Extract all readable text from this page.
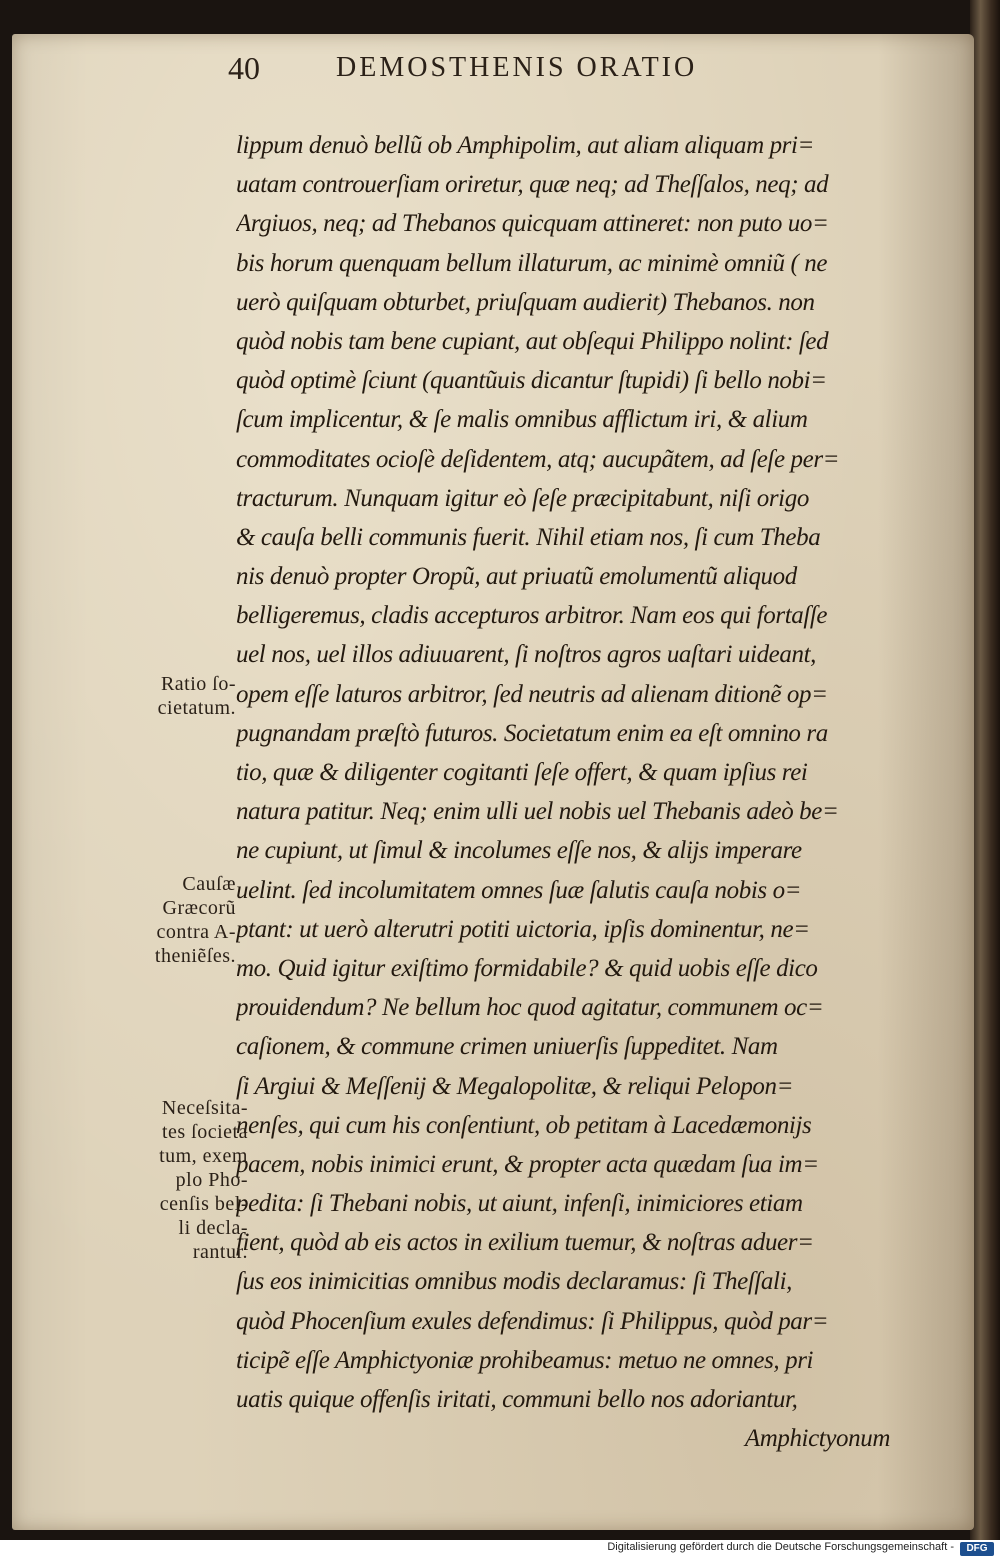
40	DEMOSTHENIS ORATIO
lippum denuò bellũ ob Amphipolim, aut aliam aliquam pri=
uatam controuerſiam oriretur, quæ neq; ad Theſſalos, neq; ad
Argiuos, neq; ad Thebanos quicquam attineret: non puto uo=
bis horum quenquam bellum illaturum, ac minimè omniũ ( ne
uerò quiſquam obturbet, priuſquam audierit) Thebanos. non
quòd nobis tam bene cupiant, aut obſequi Philippo nolint: ſed
quòd optimè ſciunt (quantũuis dicantur ſtupidi) ſi bello nobi=
ſcum implicentur, & ſe malis omnibus afflictum iri, & alium
commoditates ocioſè deſidentem, atq; aucupãtem, ad ſeſe per=
tracturum. Nunquam igitur eò ſeſe præcipitabunt, niſi origo
& cauſa belli communis fuerit. Nihil etiam nos, ſi cum Theba
nis denuò propter Oropũ, aut priuatũ emolumentũ aliquod
belligeremus, cladis accepturos arbitror. Nam eos qui fortaſſe
uel nos, uel illos adiuuarent, ſi noſtros agros uaſtari uideant,
opem eſſe laturos arbitror, ſed neutris ad alienam ditionẽ op=
pugnandam præſtò futuros. Societatum enim ea eſt omnino ra
tio, quæ & diligenter cogitanti ſeſe offert, & quam ipſius rei
natura patitur. Neq; enim ulli uel nobis uel Thebanis adeò be=
ne cupiunt, ut ſimul & incolumes eſſe nos, & alijs imperare
uelint. ſed incolumitatem omnes ſuæ ſalutis cauſa nobis o=
ptant: ut uerò alterutri potiti uictoria, ipſis dominentur, ne=
mo. Quid igitur exiſtimo formidabile? & quid uobis eſſe dico
prouidendum? Ne bellum hoc quod agitatur, communem oc=
caſionem, & commune crimen uniuerſis ſuppeditet. Nam
ſi Argiui & Meſſenij & Megalopolitæ, & reliqui Pelopon=
nenſes, qui cum his conſentiunt, ob petitam à Lacedæmonijs
pacem, nobis inimici erunt, & propter acta quædam ſua im=
pedita: ſi Thebani nobis, ut aiunt, infenſi, inimiciores etiam
fient, quòd ab eis actos in exilium tuemur, & noſtras aduer=
ſus eos inimicitias omnibus modis declaramus: ſi Theſſali,
quòd Phocenſium exules defendimus: ſi Philippus, quòd par=
ticipẽ eſſe Amphictyoniæ prohibeamus: metuo ne omnes, pri
uatis quique offenſis iritati, communi bello nos adoriantur,
Amphictyonum
Ratio ſo-
cietatum.
Cauſæ
Græcorũ
contra A-
theniẽſes.
Neceſsita-
tes ſocieta
tum, exem
plo Pho-
cenſis bel-
li decla-
rantur.
Digitalisierung gefördert durch die Deutsche Forschungsgemeinschaft -	DFG
